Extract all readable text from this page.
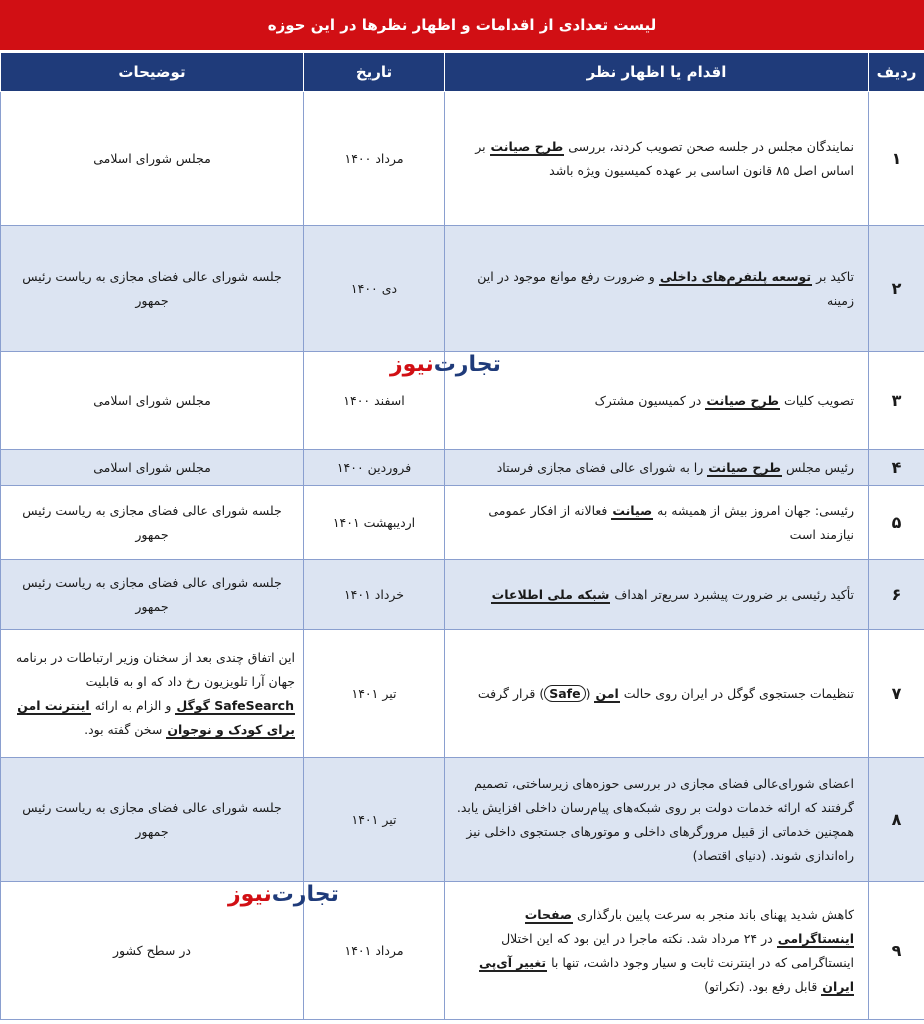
لیست تعدادی از اقدامات و اظهار نظرها در این حوزه
ردیف	اقدام یا اظهار نظر	تاریخ	توضیحات
۱	نمایندگان مجلس در جلسه صحن تصویب کردند، بررسی طرح صیانت بر اساس اصل ۸۵ قانون اساسی بر عهده کمیسیون ویژه باشد	مرداد ۱۴۰۰	مجلس شورای اسلامی
۲	تاکید بر توسعه پلتفرم‌های داخلی و ضرورت رفع موانع موجود در این زمینه	دی ۱۴۰۰	جلسه شورای عالی فضای مجازی به ریاست رئیس جمهور
۳	تصویب کلیات طرح صیانت در کمیسیون مشترک	اسفند ۱۴۰۰	مجلس شورای اسلامی
۴	رئیس مجلس طرح صیانت را به شورای عالی فضای مجازی فرستاد	فروردین ۱۴۰۰	مجلس شورای اسلامی
۵	رئیسی: جهان امروز بیش از همیشه به صیانت فعالانه از افکار عمومی نیازمند است	اردیبهشت ۱۴۰۱	جلسه شورای عالی فضای مجازی به ریاست رئیس جمهور
۶	تأکید رئیسی بر ضرورت پیشبرد سریع‌تر اهداف شبکه ملی اطلاعات	خرداد ۱۴۰۱	جلسه شورای عالی فضای مجازی به ریاست رئیس جمهور
۷	تنظیمات جستجوی گوگل در ایران روی حالت امن (Safe) قرار گرفت	تیر ۱۴۰۱	این اتفاق چندی بعد از سخنان وزیر ارتباطات در برنامه جهان آرا تلویزیون رخ داد که او به قابلیت SafeSearch گوگل و الزام به ارائه اینترنت امن برای کودک و نوجوان سخن گفته بود.
۸	اعضای شورای‌عالی فضای مجازی در بررسی حوزه‌های زیرساختی، تصمیم گرفتند که ارائه خدمات دولت بر روی شبکه‌های پیام‌رسان داخلی افزایش یابد. همچنین خدماتی از قبیل مرورگرهای داخلی و موتورهای جستجوی داخلی نیز راه‌اندازی شوند. (دنیای اقتصاد)	تیر ۱۴۰۱	جلسه شورای عالی فضای مجازی به ریاست رئیس جمهور
۹	کاهش شدید پهنای باند منجر به سرعت پایین بارگذاری صفحات اینستاگرامی در ۲۴ مرداد شد. نکته ماجرا در این بود که این اختلال اینستاگرامی که در اینترنت ثابت و سیار وجود داشت، تنها با تغییر آی‌پی ایران قابل رفع بود. (تکراتو)	مرداد ۱۴۰۱	در سطح کشور
تجارت
نیوز
تجارت
نیوز
